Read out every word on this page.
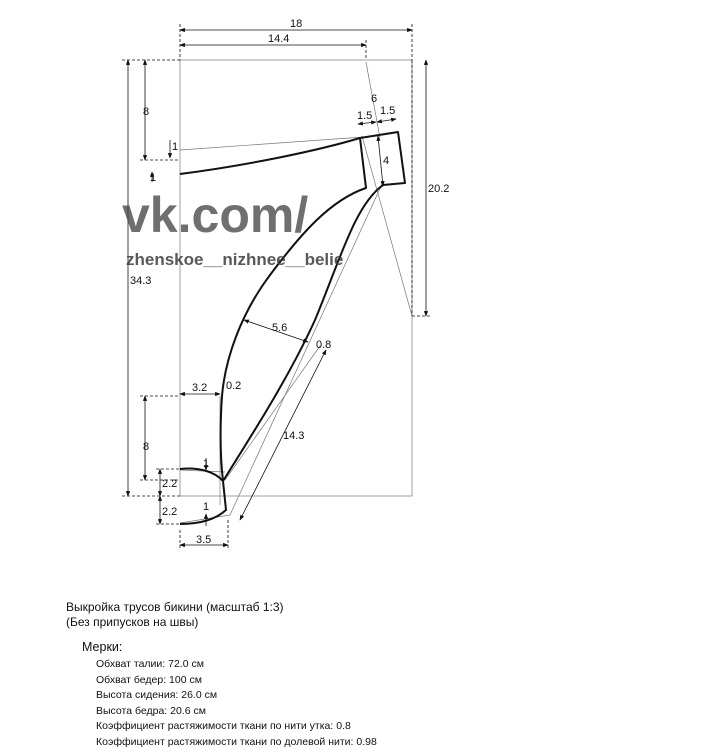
18
14.4
6
1.5 1.5
8
1
1
4
20.2
34.3
5.6
0.8
3.2 0.2
8
14.3
1
2.2
2.2 1
3.5
vk.com/
zhenskoe__nizhnee__belie
Выкройка трусов бикини (масштаб 1:3)
(Без припусков на швы)
Мерки:
Обхват талии: 72.0 см
Обхват бедер: 100 см
Высота сидения: 26.0 см
Высота бедра: 20.6 см
Коэффициент растяжимости ткани по нити утка: 0.8
Коэффициент растяжимости ткани по долевой нити: 0.98
